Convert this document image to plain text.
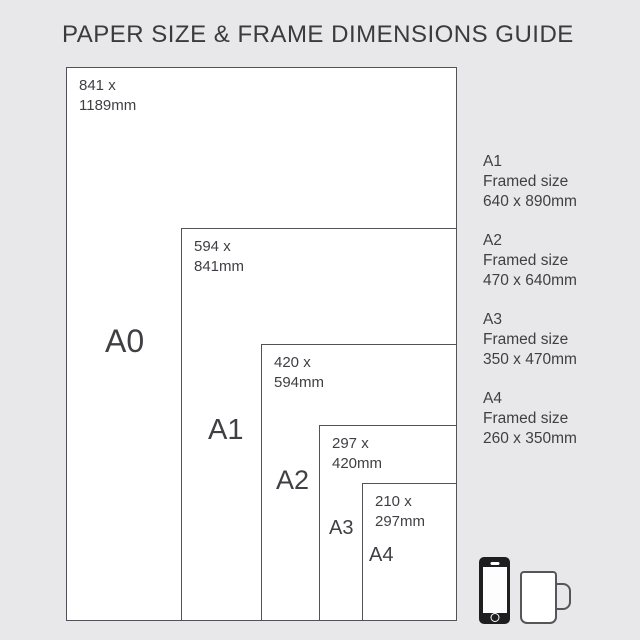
PAPER SIZE & FRAME DIMENSIONS GUIDE
841 x
1189mm
A0
594 x
841mm
A1
420 x
594mm
A2
297 x
420mm
A3
210 x
297mm
A4
A1
Framed size
640 x 890mm
A2
Framed size
470 x 640mm
A3
Framed size
350 x 470mm
A4
Framed size
260 x 350mm
